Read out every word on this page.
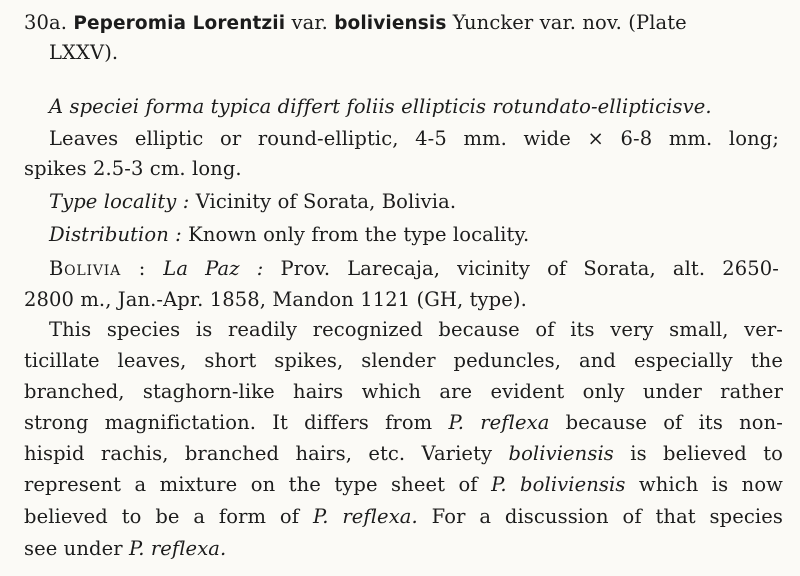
30a. Peperomia Lorentzii var. boliviensis Yuncker var. nov. (Plate
LXXV).
A speciei forma typica differt foliis ellipticis rotundato-ellipticisve.
Leaves elliptic or round-elliptic, 4-5 mm. wide × 6-8 mm. long;
spikes 2.5-3 cm. long.
Type locality : Vicinity of Sorata, Bolivia.
Distribution : Known only from the type locality.
Bolivia : La Paz : Prov. Larecaja, vicinity of Sorata, alt. 2650-
2800 m., Jan.-Apr. 1858, Mandon 1121 (GH, type).
This species is readily recognized because of its very small, ver-
ticillate leaves, short spikes, slender peduncles, and especially the
branched, staghorn-like hairs which are evident only under rather
strong magnifictation. It differs from P. reflexa because of its non-
hispid rachis, branched hairs, etc. Variety boliviensis is believed to
represent a mixture on the type sheet of P. boliviensis which is now
believed to be a form of P. reflexa. For a discussion of that species
see under P. reflexa.
